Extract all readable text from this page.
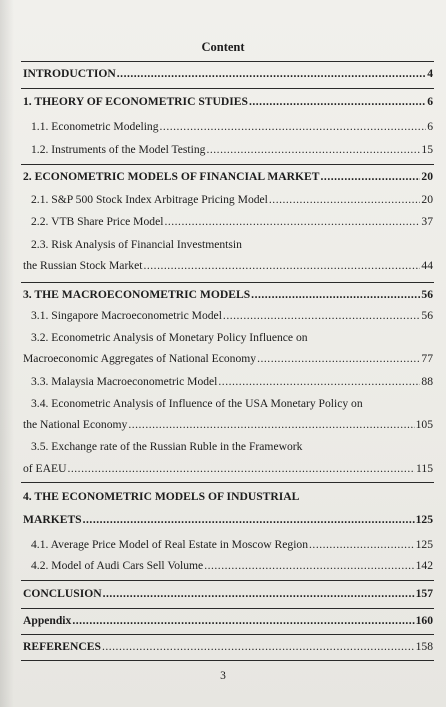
Content
INTRODUCTION .....	4
1. THEORY OF ECONOMETRIC STUDIES .....	6
1.1. Econometric Modeling .....	6
1.2. Instruments of the Model Testing .....	15
2. ECONOMETRIC MODELS OF FINANCIAL MARKET .....	20
2.1. S&P 500 Stock Index Arbitrage Pricing Model .....	20
2.2. VTB Share Price Model .....	37
2.3. Risk Analysis of Financial Investmentsin
the Russian Stock Market .....	44
3. THE MACROECONOMETRIC MODELS .....	56
3.1. Singapore Macroeconometric Model .....	56
3.2. Econometric Analysis of Monetary Policy Influence on
Macroeconomic Aggregates of National Economy .....	77
3.3. Malaysia Macroeconometric Model .....	88
3.4. Econometric Analysis of Influence of the USA Monetary Policy on
the National Economy .....	105
3.5. Exchange rate of the Russian Ruble in the Framework
of EAEU .....	115
4. THE ECONOMETRIC MODELS OF INDUSTRIAL
MARKETS .....	125
4.1. Average Price Model of Real Estate in Moscow Region .....	125
4.2. Model of Audi Cars Sell Volume .....	142
CONCLUSION .....	157
Appendix .....	160
REFERENCES .....	158
3
